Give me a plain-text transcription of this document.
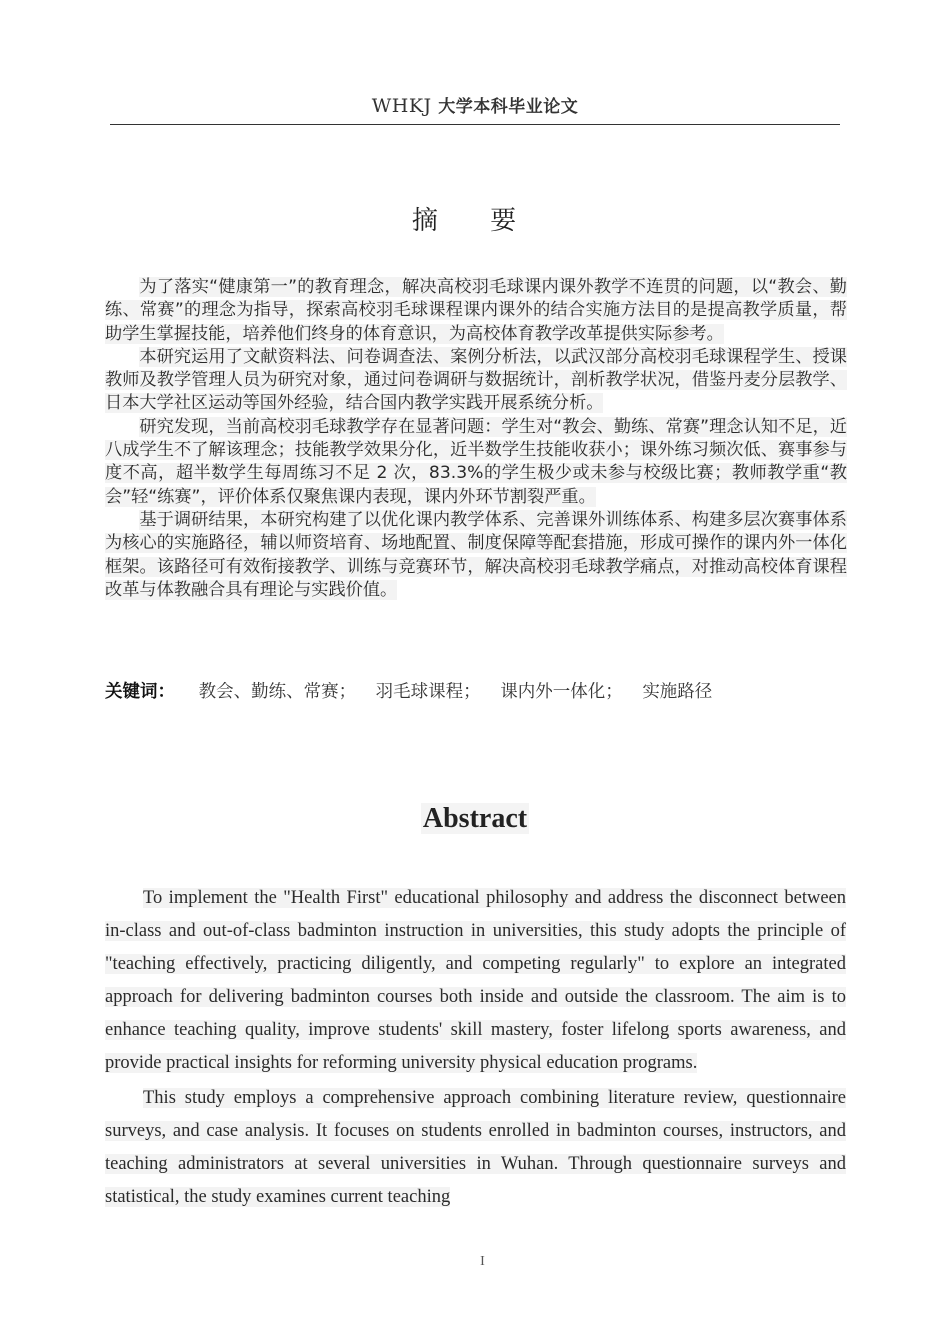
WHKJ 大学本科毕业论文
摘 要

为了落实“健康第一”的教育理念，解决高校羽毛球课内课外教学不连贯的问题，以“教会、勤练、常赛”的理念为指导，探索高校羽毛球课程课内课外的结合实施方法目的是提高教学质量，帮助学生掌握技能，培养他们终身的体育意识，为高校体育教学改革提供实际参考。

本研究运用了文献资料法、问卷调查法、案例分析法，以武汉部分高校羽毛球课程学生、授课教师及教学管理人员为研究对象，通过问卷调研与数据统计，剖析教学状况，借鉴丹麦分层教学、日本大学社区运动等国外经验，结合国内教学实践开展系统分析。

研究发现，当前高校羽毛球教学存在显著问题：学生对“教会、勤练、常赛”理念认知不足，近八成学生不了解该理念；技能教学效果分化，近半数学生技能收获小；课外练习频次低、赛事参与度不高，超半数学生每周练习不足 2 次，83.3%的学生极少或未参与校级比赛；教师教学重“教会”轻“练赛”，评价体系仅聚焦课内表现，课内外环节割裂严重。

基于调研结果，本研究构建了以优化课内教学体系、完善课外训练体系、构建多层次赛事体系为核心的实施路径，辅以师资培育、场地配置、制度保障等配套措施，形成可操作的课内外一体化框架。该路径可有效衔接教学、训练与竞赛环节，解决高校羽毛球教学痛点，对推动高校体育课程改革与体教融合具有理论与实践价值。

关键词： 教会、勤练、常赛； 羽毛球课程； 课内外一体化； 实施路径
Abstract

To implement the "Health First" educational philosophy and address the disconnect between in-class and out-of-class badminton instruction in universities, this study adopts the principle of "teaching effectively, practicing diligently, and competing regularly" to explore an integrated approach for delivering badminton courses both inside and outside the classroom. The aim is to enhance teaching quality, improve students' skill mastery, foster lifelong sports awareness, and provide practical insights for reforming university physical education programs.

This study employs a comprehensive approach combining literature review, questionnaire surveys, and case analysis. It focuses on students enrolled in badminton courses, instructors, and teaching administrators at several universities in Wuhan. Through questionnaire surveys and statistical, the study examines current teaching

I
